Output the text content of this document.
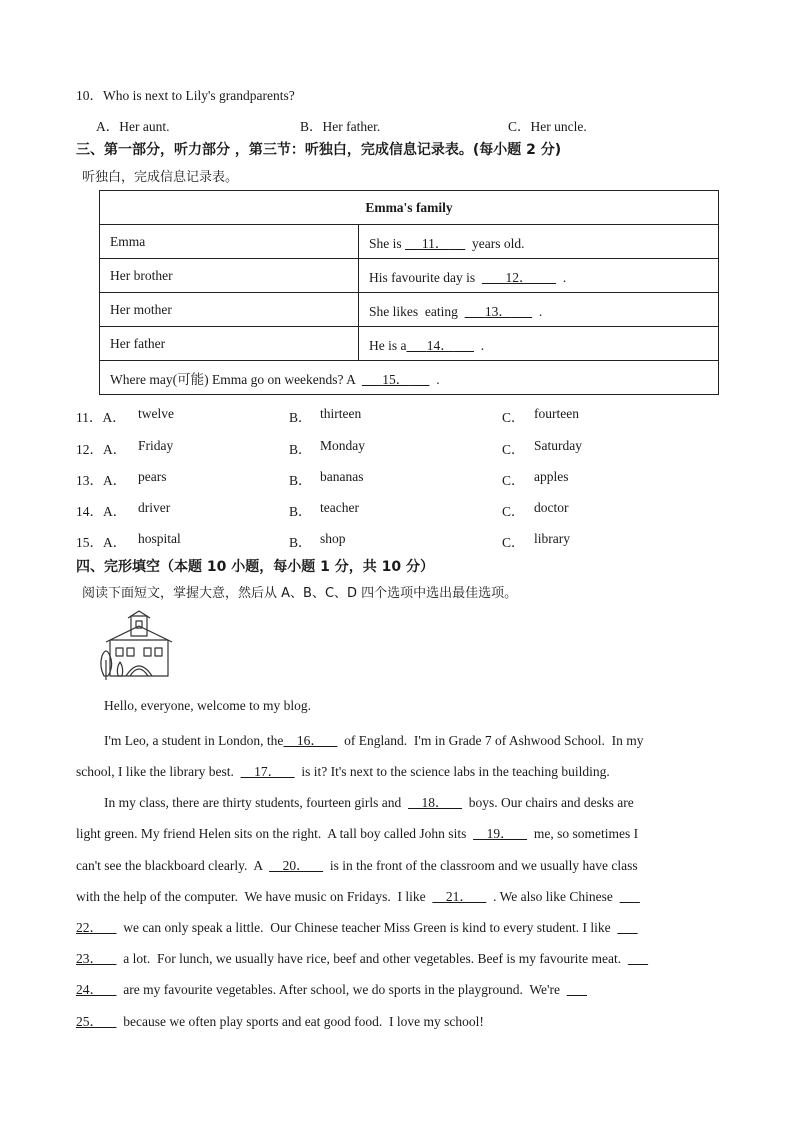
10．Who is next to Lily's grandparents?
A．Her aunt.	B．Her father.	C．Her uncle.
三、第一部分，听力部分 ，第三节：听独白，完成信息记录表。(每小题 2 分)
听独白，完成信息记录表。
Emma's family	
Emma	She is      11．       years old.
Her brother	His favourite day is         12．         .
Her mother	She likes  eating        13．        .
Her father	He is a 14．        .
Where may(可能) Emma go on weekends? A        15．        .	
11．A． twelve	B． thirteen	C． fourteen
12．A． Friday	B． Monday	C． Saturday
13．A． pears	B． bananas	C． apples
14．A． driver	B． teacher	C． doctor
15．A． hospital	B． shop	C． library
四、完形填空（本题 10 小题，每小题 1 分，共 10 分）
阅读下面短文，掌握大意，然后从 A、B、C、D 四个选项中选出最佳选项。
Hello, everyone, welcome to my blog.
I'm Leo, a student in London, the    16．      of England.  I'm in Grade 7 of Ashwood School.  In my
school, I like the library best.      17．      is it? It's next to the science labs in the teaching building.
In my class, there are thirty students, fourteen girls and      18．      boys. Our chairs and desks are
light green. My friend Helen sits on the right.  A tall boy called John sits      19．      me, so sometimes I
can't see the blackboard clearly.  A      20．      is in the front of the classroom and we usually have class
with the help of the computer.  We have music on Fridays.  I like      21．      . We also like Chinese
22．      we can only speak a little.  Our Chinese teacher Miss Green is kind to every student. I like
23．      a lot.  For lunch, we usually have rice, beef and other vegetables. Beef is my favourite meat.
24．      are my favourite vegetables. After school, we do sports in the playground.  We're
25．      because we often play sports and eat good food.  I love my school!
